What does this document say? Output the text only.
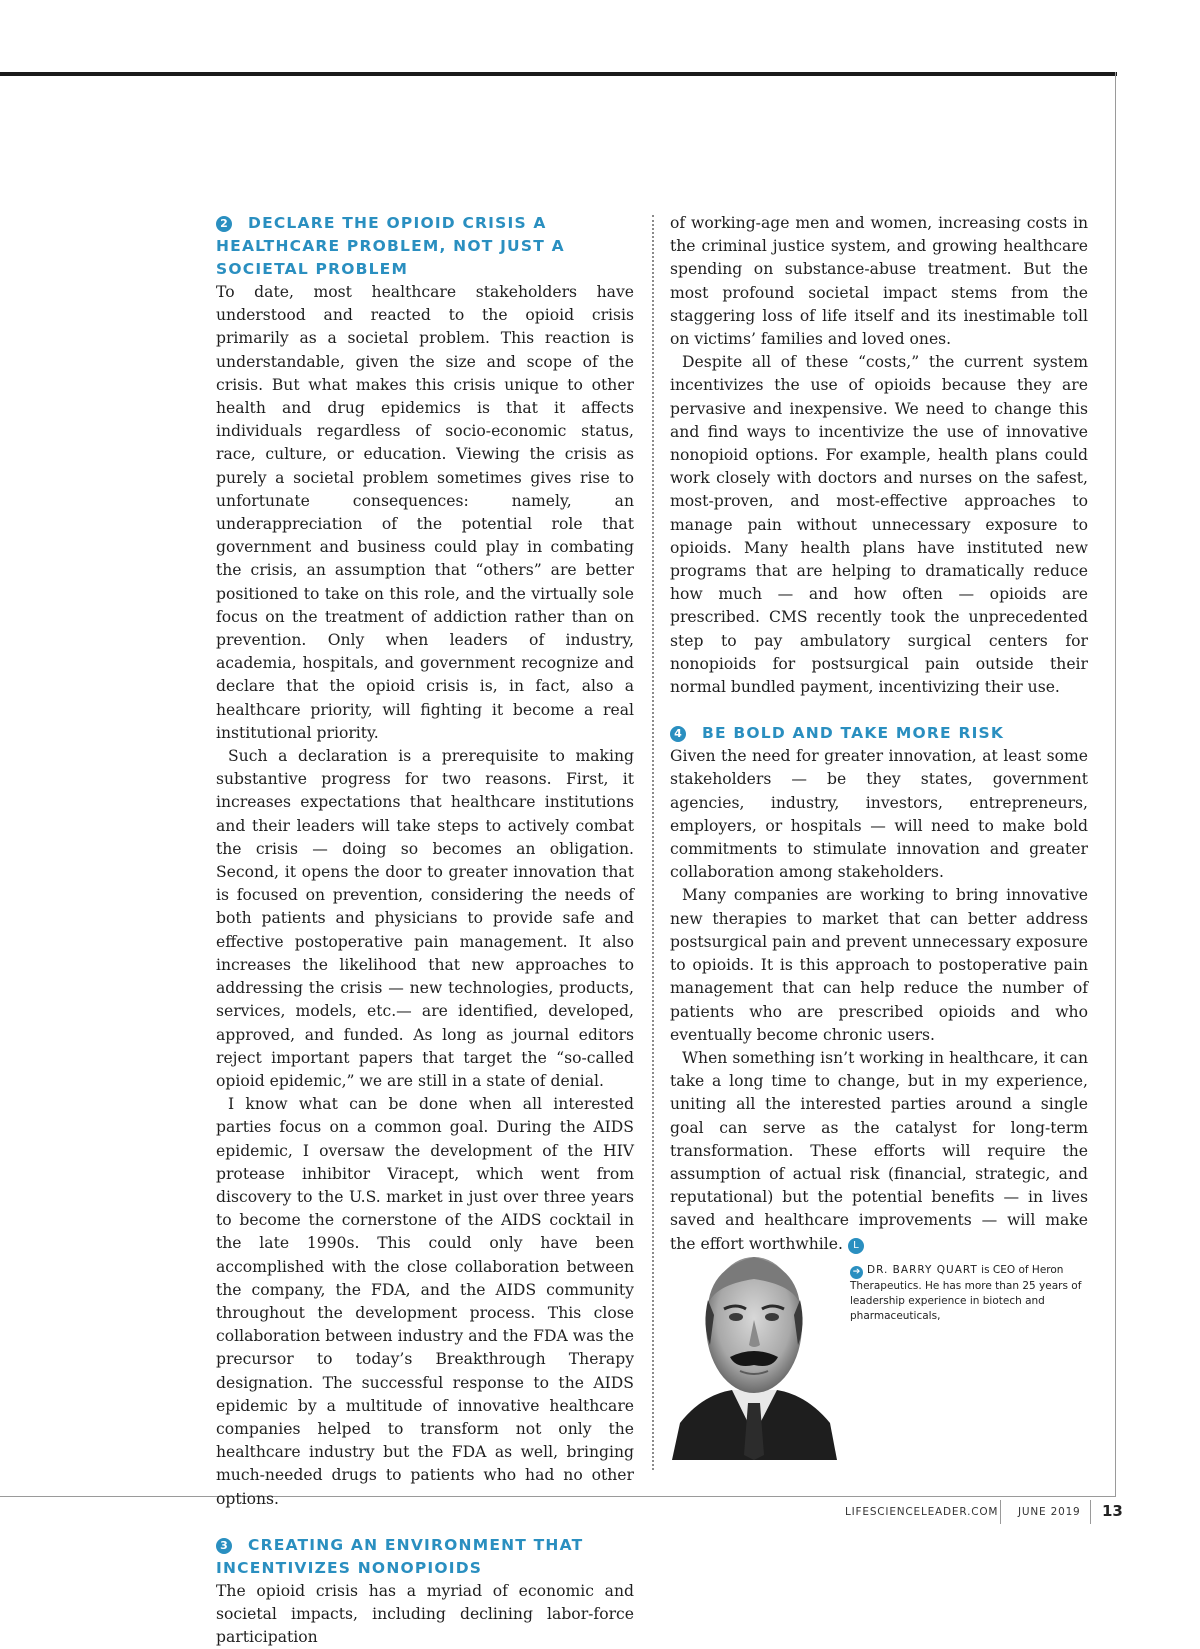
2 DECLARE THE OPIOID CRISIS A HEALTHCARE PROBLEM, NOT JUST A SOCIETAL PROBLEM

To date, most healthcare stakeholders have understood and reacted to the opioid crisis primarily as a societal problem. This reaction is understandable, given the size and scope of the crisis. But what makes this crisis unique to other health and drug epidemics is that it affects individuals regardless of socio-economic status, race, culture, or education. Viewing the crisis as purely a societal problem sometimes gives rise to unfortunate consequences: namely, an underappreciation of the potential role that government and business could play in combating the crisis, an assumption that “others” are better positioned to take on this role, and the virtually sole focus on the treatment of addiction rather than on prevention. Only when leaders of industry, academia, hospitals, and government recognize and declare that the opioid crisis is, in fact, also a healthcare priority, will fighting it become a real institutional priority.

Such a declaration is a prerequisite to making substantive progress for two reasons. First, it increases expectations that healthcare institutions and their leaders will take steps to actively combat the crisis — doing so becomes an obligation. Second, it opens the door to greater innovation that is focused on prevention, considering the needs of both patients and physicians to provide safe and effective postoperative pain management. It also increases the likelihood that new approaches to addressing the crisis — new technologies, products, services, models, etc.— are identified, developed, approved, and funded. As long as journal editors reject important papers that target the “so-called opioid epidemic,” we are still in a state of denial.

I know what can be done when all interested parties focus on a common goal. During the AIDS epidemic, I oversaw the development of the HIV protease inhibitor Viracept, which went from discovery to the U.S. market in just over three years to become the cornerstone of the AIDS cocktail in the late 1990s. This could only have been accomplished with the close collaboration between the company, the FDA, and the AIDS community throughout the development process. This close collaboration between industry and the FDA was the precursor to today’s Breakthrough Therapy designation. The successful response to the AIDS epidemic by a multitude of innovative healthcare companies helped to transform not only the healthcare industry but the FDA as well, bringing much-needed drugs to patients who had no other options.

3 CREATING AN ENVIRONMENT THAT INCENTIVIZES NONOPIOIDS

The opioid crisis has a myriad of economic and societal impacts, including declining labor-force participation

of working-age men and women, increasing costs in the criminal justice system, and growing healthcare spending on substance-abuse treatment. But the most profound societal impact stems from the staggering loss of life itself and its inestimable toll on victims’ families and loved ones.

Despite all of these “costs,” the current system incentivizes the use of opioids because they are pervasive and inexpensive. We need to change this and find ways to incentivize the use of innovative nonopioid options. For example, health plans could work closely with doctors and nurses on the safest, most-proven, and most-effective approaches to manage pain without unnecessary exposure to opioids. Many health plans have instituted new programs that are helping to dramatically reduce how much — and how often — opioids are prescribed. CMS recently took the unprecedented step to pay ambulatory surgical centers for nonopioids for postsurgical pain outside their normal bundled payment, incentivizing their use.

4 BE BOLD AND TAKE MORE RISK

Given the need for greater innovation, at least some stakeholders — be they states, government agencies, industry, investors, entrepreneurs, employers, or hospitals — will need to make bold commitments to stimulate innovation and greater collaboration among stakeholders.

Many companies are working to bring innovative new therapies to market that can better address postsurgical pain and prevent unnecessary exposure to opioids. It is this approach to postoperative pain management that can help reduce the number of patients who are prescribed opioids and who eventually become chronic users.

When something isn’t working in healthcare, it can take a long time to change, but in my experience, uniting all the interested parties around a single goal can serve as the catalyst for long-term transformation. These efforts will require the assumption of actual risk (financial, strategic, and reputational) but the potential benefits — in lives saved and healthcare improvements — will make the effort worthwhile. L

➔ DR. BARRY QUART is CEO of Heron Therapeutics. He has more than 25 years of leadership experience in biotech and pharmaceuticals,
LIFESCIENCELEADER.COM JUNE 2019 13
